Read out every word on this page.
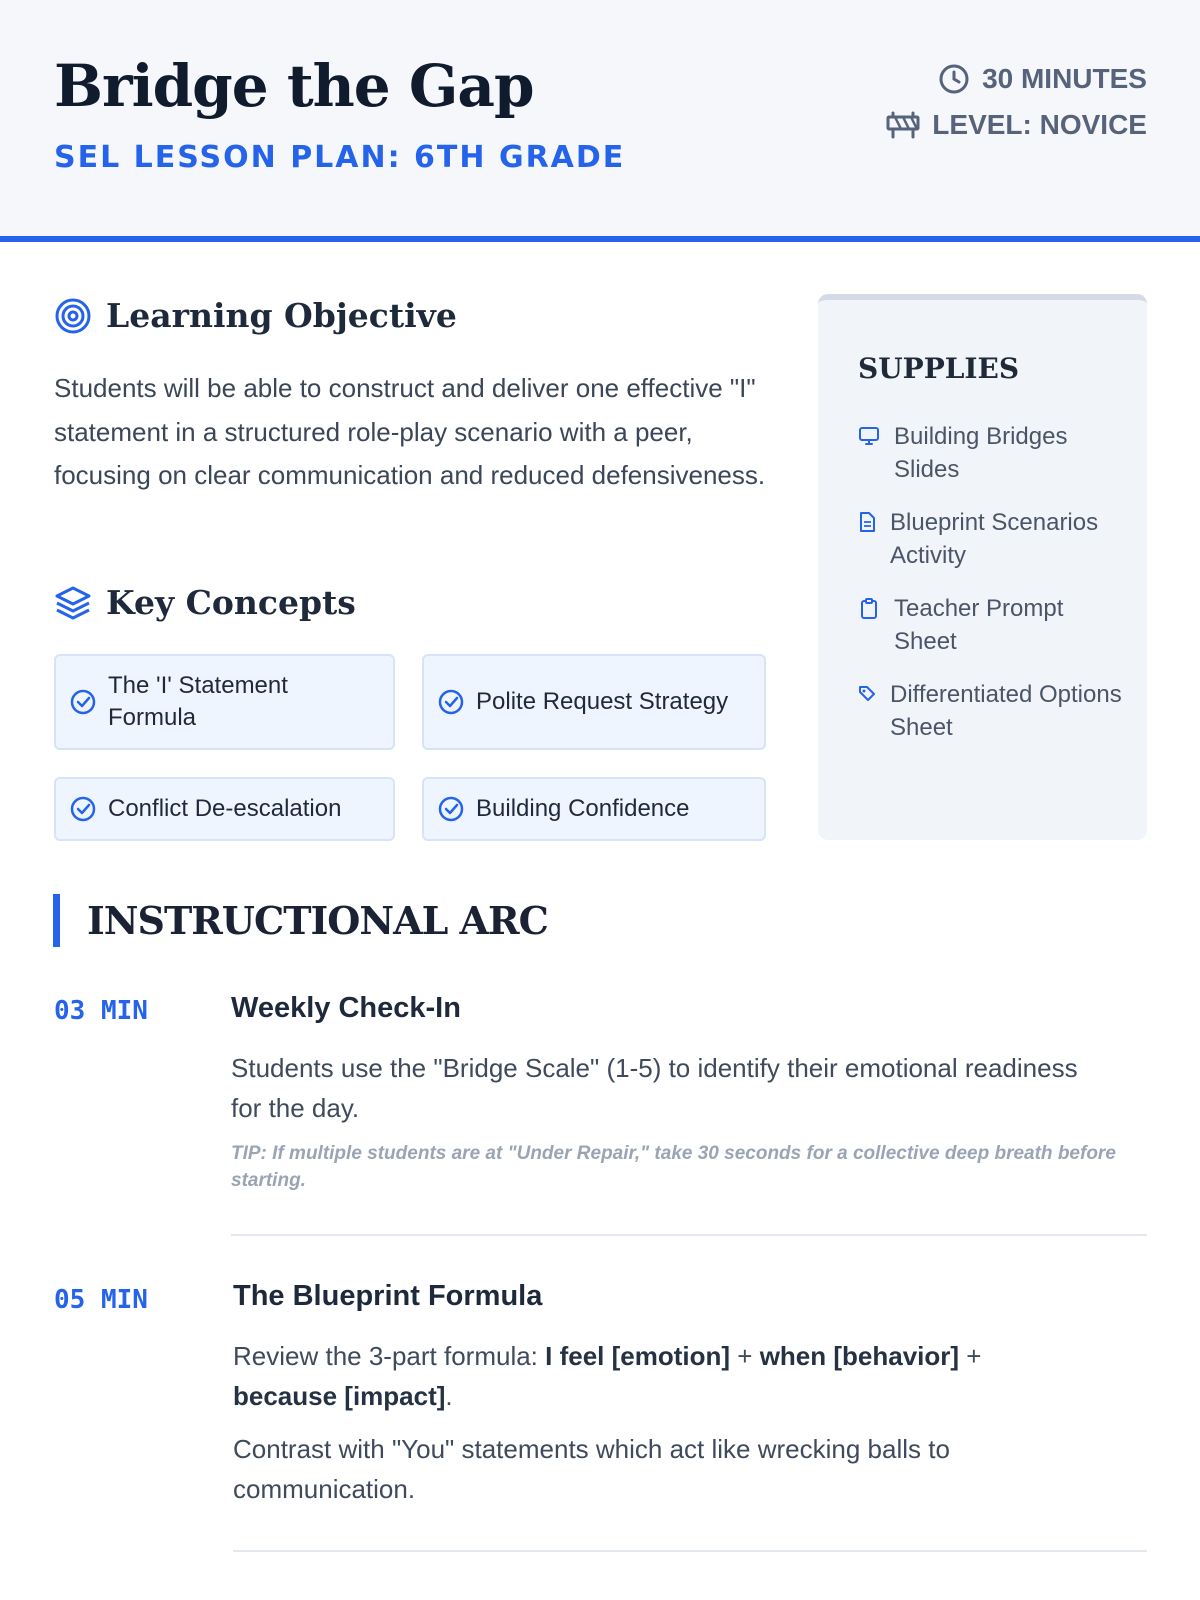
Bridge the Gap
SEL LESSON PLAN: 6TH GRADE
30 MINUTES
LEVEL: NOVICE
Learning Objective
Students will be able to construct and deliver one effective "I" statement in a structured role-play scenario with a peer, focusing on clear communication and reduced defensiveness.
Key Concepts
The 'I' Statement Formula
Polite Request Strategy
Conflict De-escalation	Building Confidence
SUPPLIES
Building Bridges Slides
Blueprint Scenarios Activity
Teacher Prompt Sheet
Differentiated Options Sheet
INSTRUCTIONAL ARC
03 MIN	Weekly Check-In
Students use the "Bridge Scale" (1-5) to identify their emotional readiness for the day.
TIP: If multiple students are at "Under Repair," take 30 seconds for a collective deep breath before starting.
05 MIN	The Blueprint Formula
Review the 3-part formula: I feel [emotion] + when [behavior] + because [impact].
Contrast with "You" statements which act like wrecking balls to communication.
